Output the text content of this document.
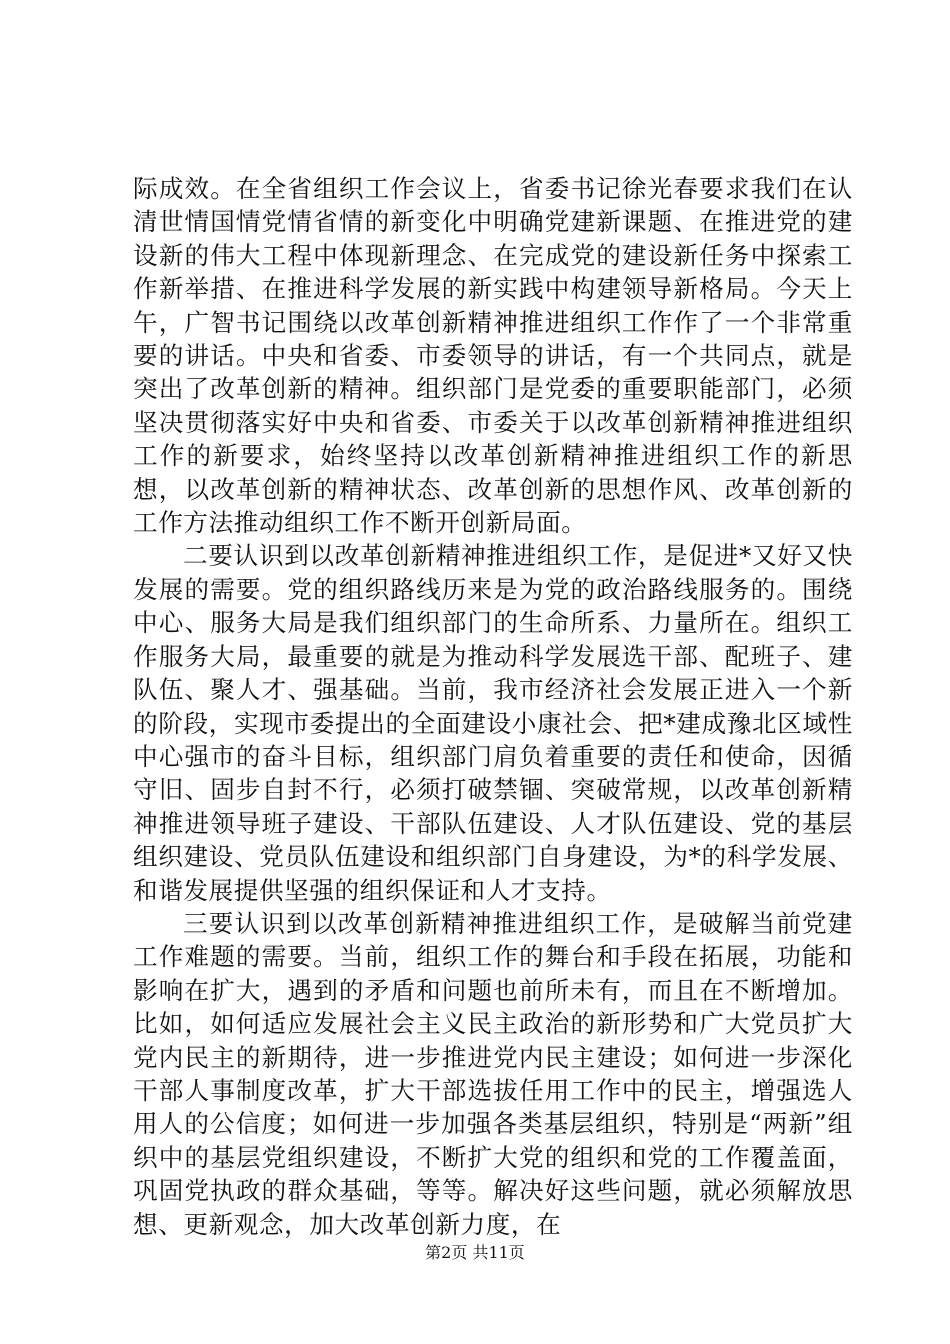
际成效。在全省组织工作会议上，省委书记徐光春要求我们在认清世情国情党情省情的新变化中明确党建新课题、在推进党的建设新的伟大工程中体现新理念、在完成党的建设新任务中探索工作新举措、在推进科学发展的新实践中构建领导新格局。今天上午，广智书记围绕以改革创新精神推进组织工作作了一个非常重要的讲话。中央和省委、市委领导的讲话，有一个共同点，就是突出了改革创新的精神。组织部门是党委的重要职能部门，必须坚决贯彻落实好中央和省委、市委关于以改革创新精神推进组织工作的新要求，始终坚持以改革创新精神推进组织工作的新思想，以改革创新的精神状态、改革创新的思想作风、改革创新的工作方法推动组织工作不断开创新局面。

二要认识到以改革创新精神推进组织工作，是促进*又好又快发展的需要。党的组织路线历来是为党的政治路线服务的。围绕中心、服务大局是我们组织部门的生命所系、力量所在。组织工作服务大局，最重要的就是为推动科学发展选干部、配班子、建队伍、聚人才、强基础。当前，我市经济社会发展正进入一个新的阶段，实现市委提出的全面建设小康社会、把*建成豫北区域性中心强市的奋斗目标，组织部门肩负着重要的责任和使命，因循守旧、固步自封不行，必须打破禁锢、突破常规，以改革创新精神推进领导班子建设、干部队伍建设、人才队伍建设、党的基层组织建设、党员队伍建设和组织部门自身建设，为*的科学发展、和谐发展提供坚强的组织保证和人才支持。

三要认识到以改革创新精神推进组织工作，是破解当前党建工作难题的需要。当前，组织工作的舞台和手段在拓展，功能和影响在扩大，遇到的矛盾和问题也前所未有，而且在不断增加。比如，如何适应发展社会主义民主政治的新形势和广大党员扩大党内民主的新期待，进一步推进党内民主建设；如何进一步深化干部人事制度改革，扩大干部选拔任用工作中的民主，增强选人用人的公信度；如何进一步加强各类基层组织，特别是“两新”组织中的基层党组织建设，不断扩大党的组织和党的工作覆盖面，巩固党执政的群众基础，等等。解决好这些问题，就必须解放思想、更新观念，加大改革创新力度，在

第2页 共11页
